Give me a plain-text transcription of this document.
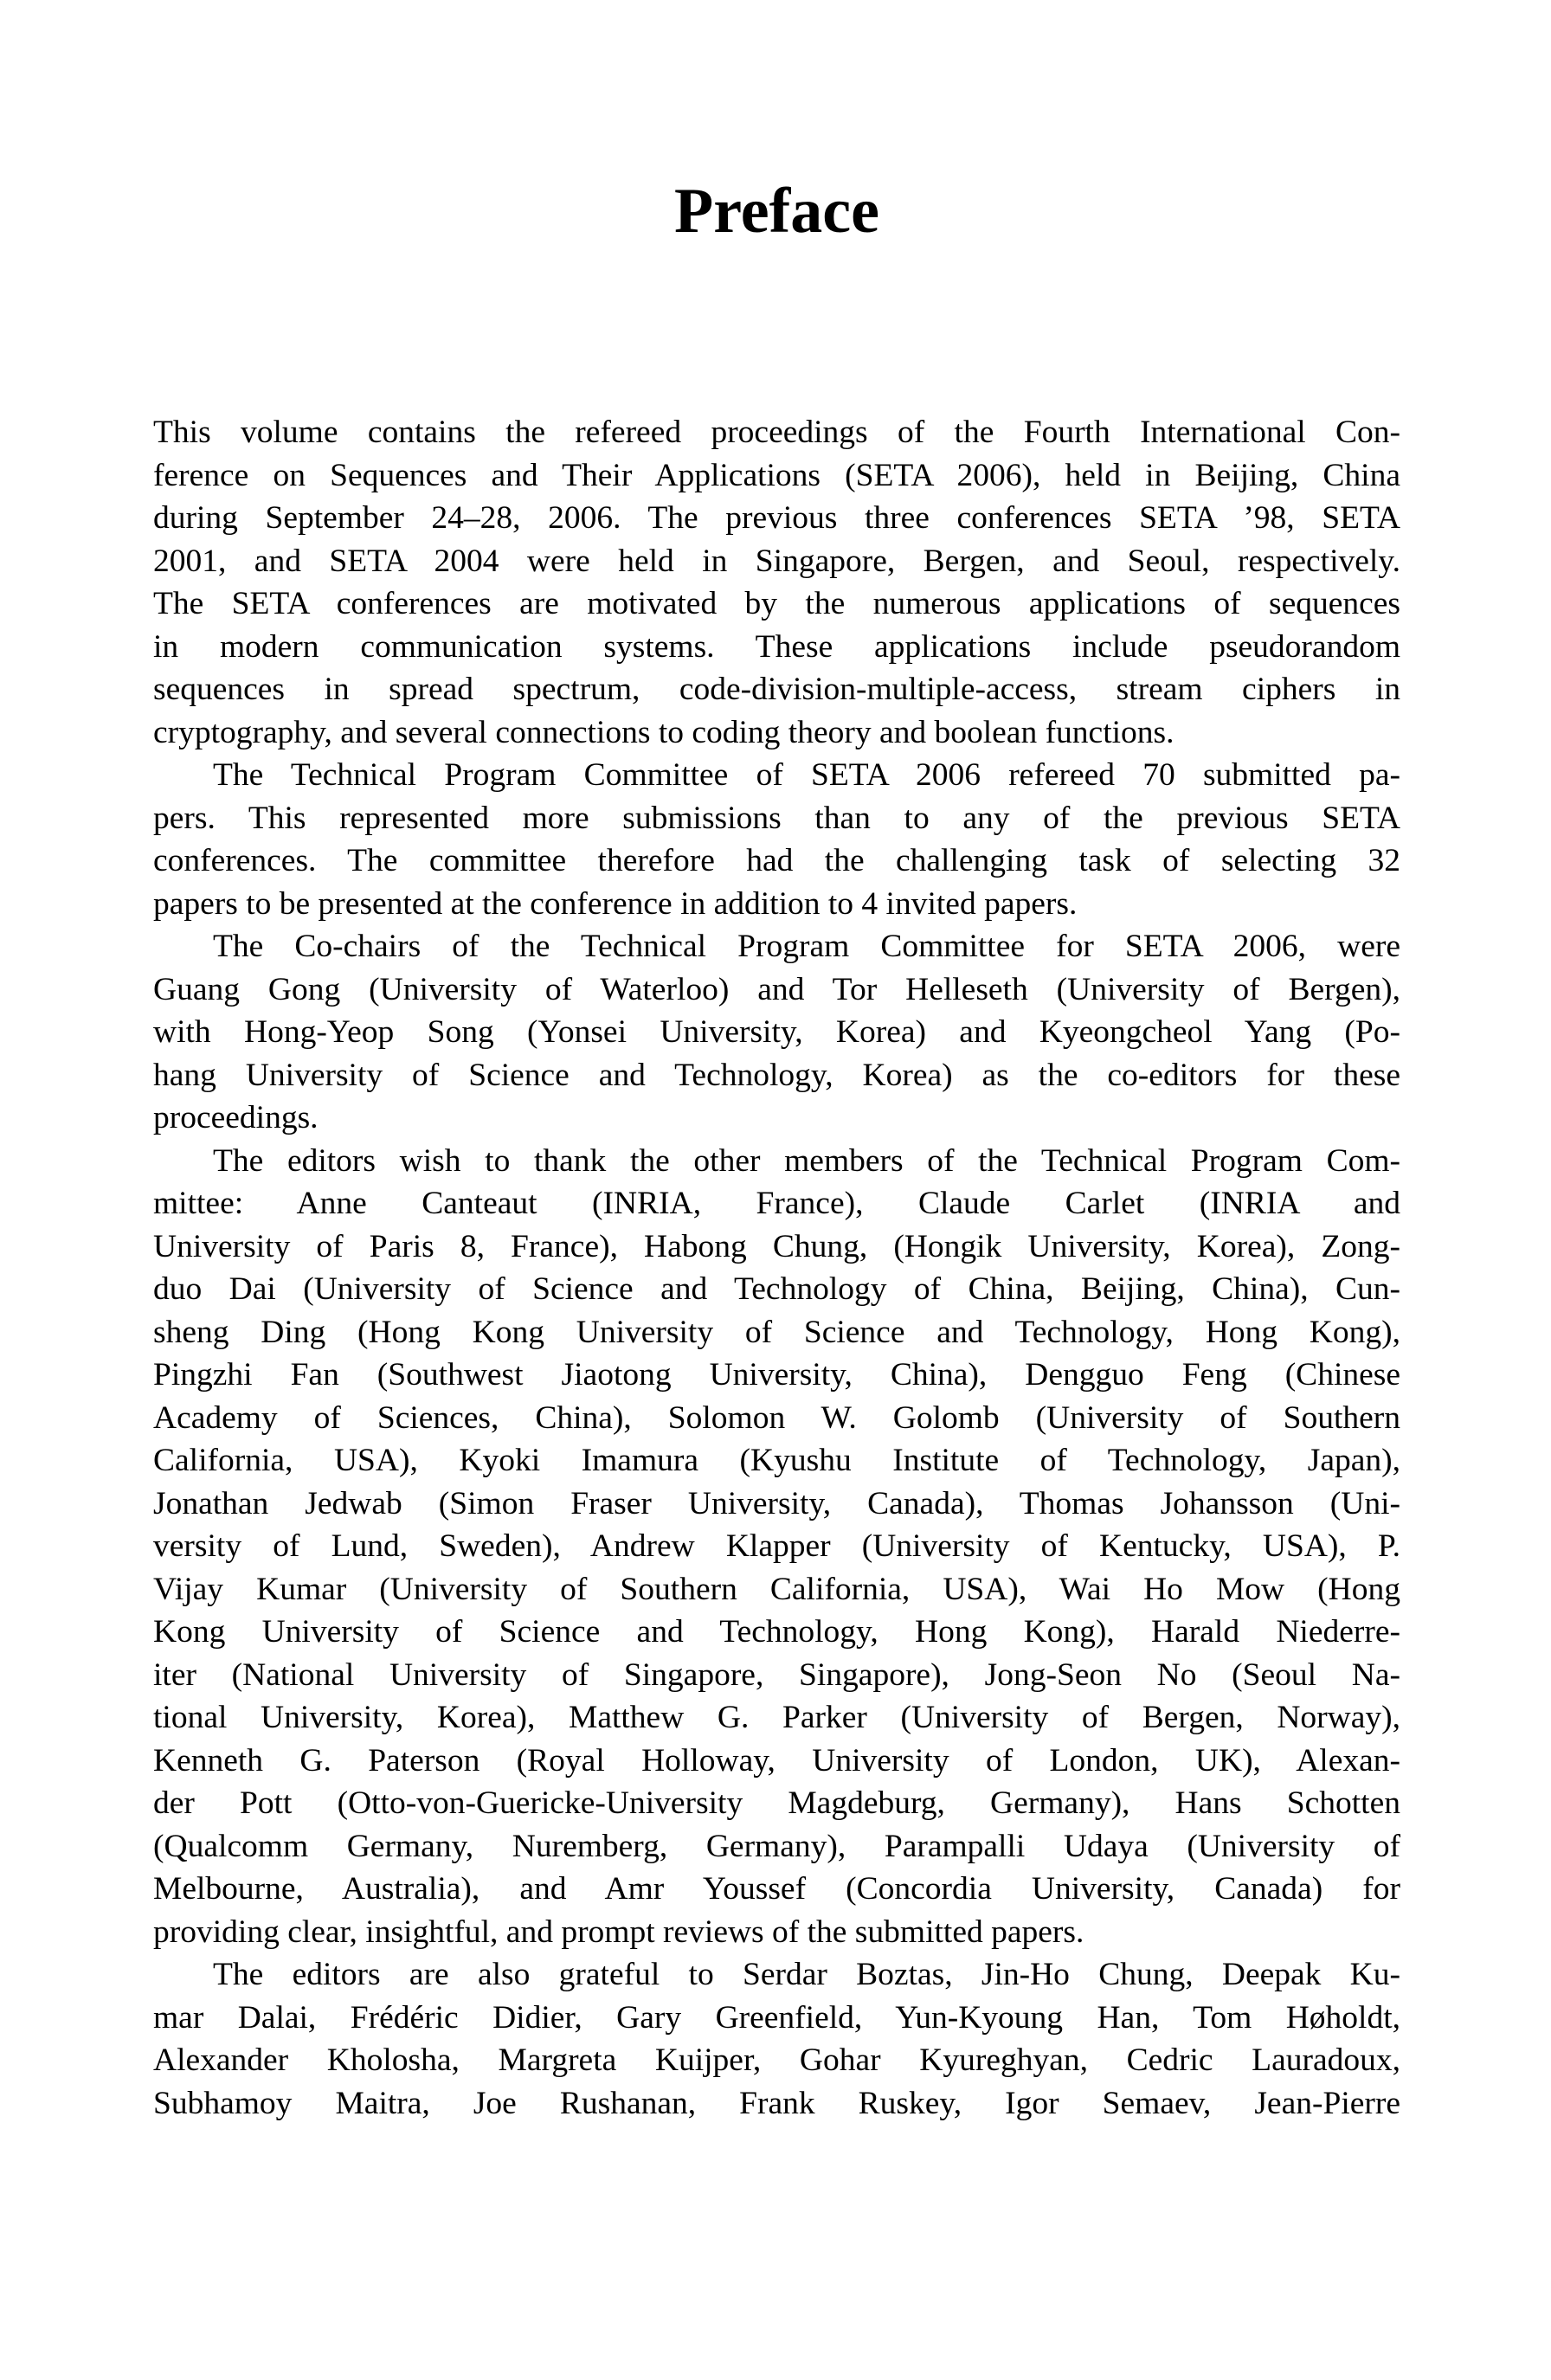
Preface
This volume contains the refereed proceedings of the Fourth International Con-
ference on Sequences and Their Applications (SETA 2006), held in Beijing, China
during September 24–28, 2006. The previous three conferences SETA ’98, SETA
2001, and SETA 2004 were held in Singapore, Bergen, and Seoul, respectively.
The SETA conferences are motivated by the numerous applications of sequences
in modern communication systems. These applications include pseudorandom
sequences in spread spectrum, code-division-multiple-access, stream ciphers in
cryptography, and several connections to coding theory and boolean functions.
The Technical Program Committee of SETA 2006 refereed 70 submitted pa-
pers. This represented more submissions than to any of the previous SETA
conferences. The committee therefore had the challenging task of selecting 32
papers to be presented at the conference in addition to 4 invited papers.
The Co-chairs of the Technical Program Committee for SETA 2006, were
Guang Gong (University of Waterloo) and Tor Helleseth (University of Bergen),
with Hong-Yeop Song (Yonsei University, Korea) and Kyeongcheol Yang (Po-
hang University of Science and Technology, Korea) as the co-editors for these
proceedings.
The editors wish to thank the other members of the Technical Program Com-
mittee: Anne Canteaut (INRIA, France), Claude Carlet (INRIA and
University of Paris 8, France), Habong Chung, (Hongik University, Korea), Zong-
duo Dai (University of Science and Technology of China, Beijing, China), Cun-
sheng Ding (Hong Kong University of Science and Technology, Hong Kong),
Pingzhi Fan (Southwest Jiaotong University, China), Dengguo Feng (Chinese
Academy of Sciences, China), Solomon W. Golomb (University of Southern
California, USA), Kyoki Imamura (Kyushu Institute of Technology, Japan),
Jonathan Jedwab (Simon Fraser University, Canada), Thomas Johansson (Uni-
versity of Lund, Sweden), Andrew Klapper (University of Kentucky, USA), P.
Vijay Kumar (University of Southern California, USA), Wai Ho Mow (Hong
Kong University of Science and Technology, Hong Kong), Harald Niederre-
iter (National University of Singapore, Singapore), Jong-Seon No (Seoul Na-
tional University, Korea), Matthew G. Parker (University of Bergen, Norway),
Kenneth G. Paterson (Royal Holloway, University of London, UK), Alexan-
der Pott (Otto-von-Guericke-University Magdeburg, Germany), Hans Schotten
(Qualcomm Germany, Nuremberg, Germany), Parampalli Udaya (University of
Melbourne, Australia), and Amr Youssef (Concordia University, Canada) for
providing clear, insightful, and prompt reviews of the submitted papers.
The editors are also grateful to Serdar Boztas, Jin-Ho Chung, Deepak Ku-
mar Dalai, Frédéric Didier, Gary Greenfield, Yun-Kyoung Han, Tom Høholdt,
Alexander Kholosha, Margreta Kuijper, Gohar Kyureghyan, Cedric Lauradoux,
Subhamoy Maitra, Joe Rushanan, Frank Ruskey, Igor Semaev, Jean-Pierre
